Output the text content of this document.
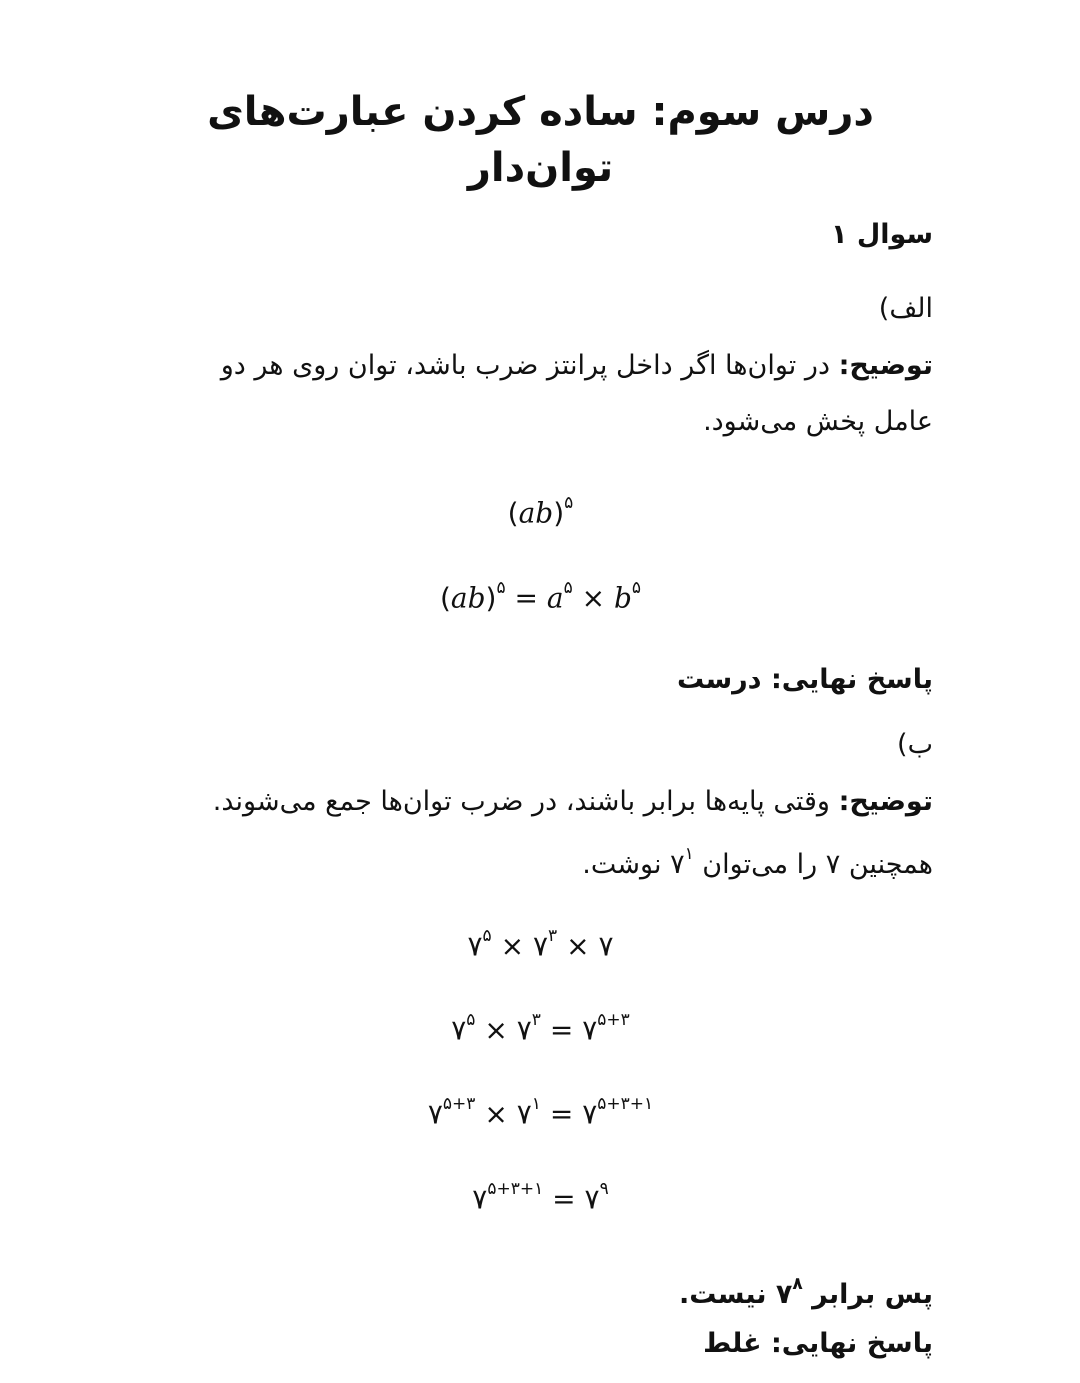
درس سوم: ساده کردن عبارت‌های توان‌دار
سوال ۱
الف)
توضیح: در توان‌ها اگر داخل پرانتز ضرب باشد، توان روی هر دو
عامل پخش می‌شود.
(ab)$^۵$
$(ab)^۵ = a^۵ \times b^۵$
پاسخ نهایی: درست
ب)
توضیح: وقتی پایه‌ها برابر باشند، در ضرب توان‌ها جمع می‌شوند.
همچنین ۷ را می‌توان $۷^۱$ نوشت.
$۷^۵$ × $۷^۳$ × ۷
$۷^۵$ × $۷^۳$ = $۷^{۵+۳}$
$۷^{۵+۳}$ × $۷^۱$ = $۷^{۵+۳+۱}$
$۷^{۵+۳+۱}$ = $۷^۹$
پس برابر $۷^۸$ نیست.
پاسخ نهایی: غلط
